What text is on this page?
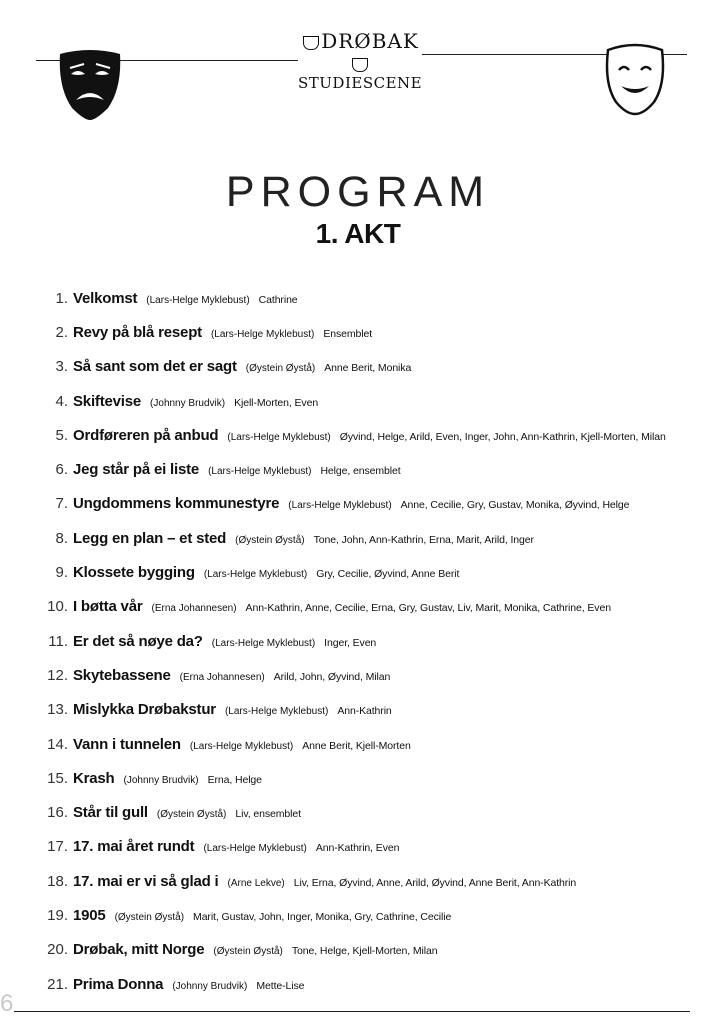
DRØBAK
STUDIESCENE
PROGRAM
1. AKT
1. Velkomst (Lars-Helge Myklebust) Cathrine
2. Revy på blå resept (Lars-Helge Myklebust) Ensemblet
3. Så sant som det er sagt (Øystein Øystå) Anne Berit, Monika
4. Skiftevise (Johnny Brudvik) Kjell-Morten, Even
5. Ordføreren på anbud (Lars-Helge Myklebust) Øyvind, Helge, Arild, Even, Inger, John, Ann-Kathrin, Kjell-Morten, Milan
6. Jeg står på ei liste (Lars-Helge Myklebust) Helge, ensemblet
7. Ungdommens kommunestyre (Lars-Helge Myklebust) Anne, Cecilie, Gry, Gustav, Monika, Øyvind, Helge
8. Legg en plan – et sted (Øystein Øystå) Tone, John, Ann-Kathrin, Erna, Marit, Arild, Inger
9. Klossete bygging (Lars-Helge Myklebust) Gry, Cecilie, Øyvind, Anne Berit
10. I bøtta vår (Erna Johannesen) Ann-Kathrin, Anne, Cecilie, Erna, Gry, Gustav, Liv, Marit, Monika, Cathrine, Even
11. Er det så nøye da? (Lars-Helge Myklebust) Inger, Even
12. Skytebassene (Erna Johannesen) Arild, John, Øyvind, Milan
13. Mislykka Drøbakstur (Lars-Helge Myklebust) Ann-Kathrin
14. Vann i tunnelen (Lars-Helge Myklebust) Anne Berit, Kjell-Morten
15. Krash (Johnny Brudvik) Erna, Helge
16. Står til gull (Øystein Øystå) Liv, ensemblet
17. 17. mai året rundt (Lars-Helge Myklebust) Ann-Kathrin, Even
18. 17. mai er vi så glad i (Arne Lekve) Liv, Erna, Øyvind, Anne, Arild, Øyvind, Anne Berit, Ann-Kathrin
19. 1905 (Øystein Øystå) Marit, Gustav, John, Inger, Monika, Gry, Cathrine, Cecilie
20. Drøbak, mitt Norge (Øystein Øystå) Tone, Helge, Kjell-Morten, Milan
21. Prima Donna (Johnny Brudvik) Mette-Lise
6
